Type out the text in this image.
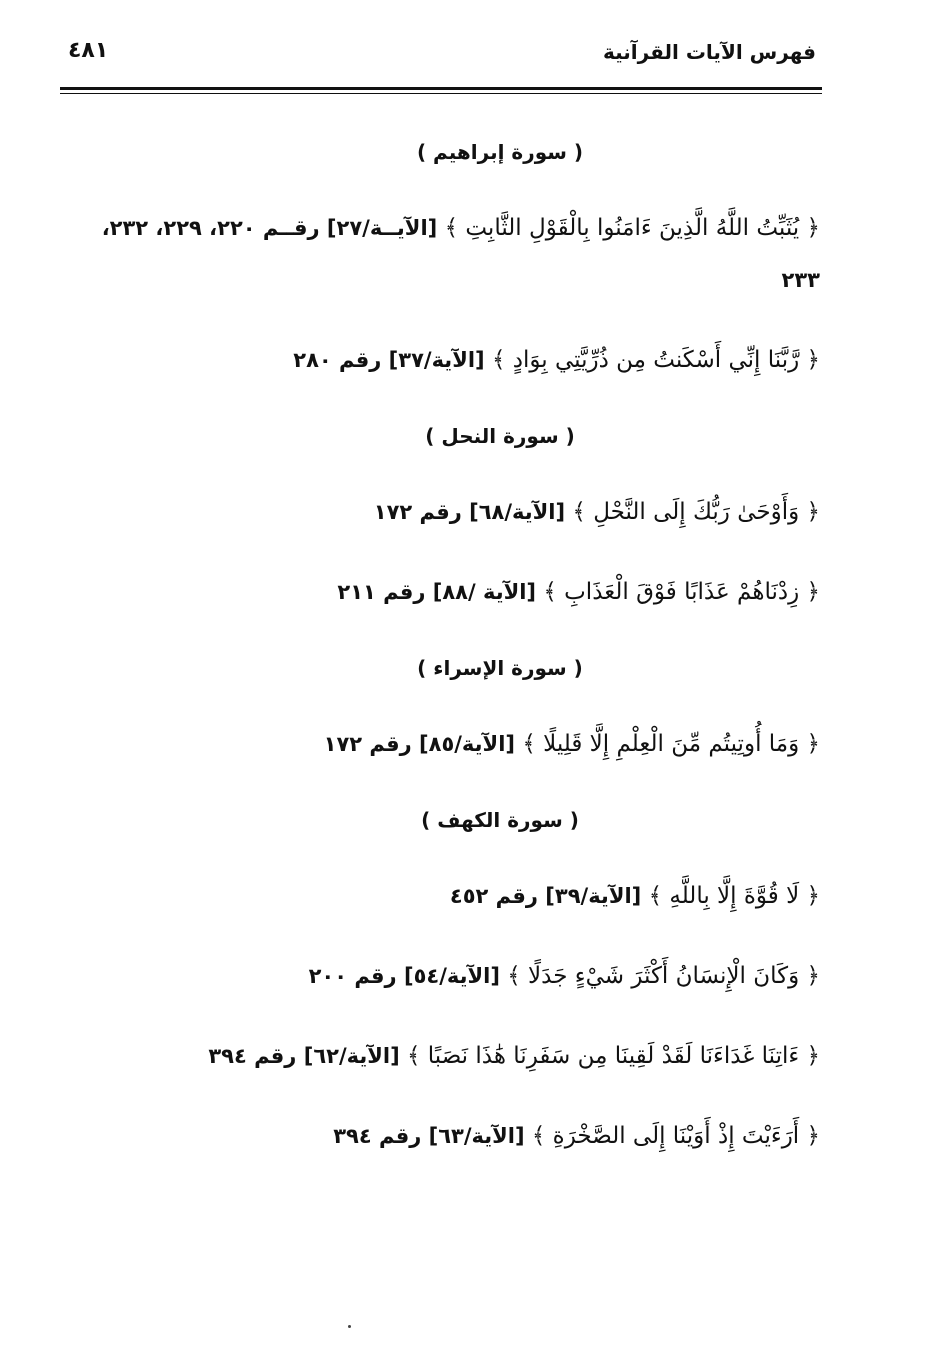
٤٨١	فهرس الآيات القرآنية
( سورة إبراهيم )

﴿ يُثَبِّتُ اللَّهُ الَّذِينَ ءَامَنُوا بِالْقَوْلِ الثَّابِتِ ﴾ [الآيــة/٢٧] رقــم ٢٢٠، ٢٢٩، ٢٣٢، ٢٣٣

﴿ رَّبَّنَا إِنِّي أَسْكَنتُ مِن ذُرِّيَّتِي بِوَادٍ ﴾ [الآية/٣٧] رقم ٢٨٠

( سورة النحل )

﴿ وَأَوْحَىٰ رَبُّكَ إِلَى النَّحْلِ ﴾ [الآية/٦٨] رقم ١٧٢

﴿ زِدْنَاهُمْ عَذَابًا فَوْقَ الْعَذَابِ ﴾ [الآية /٨٨] رقم ٢١١

( سورة الإسراء )

﴿ وَمَا أُوتِيتُم مِّنَ الْعِلْمِ إِلَّا قَلِيلًا ﴾ [الآية/٨٥] رقم ١٧٢

( سورة الكهف )

﴿ لَا قُوَّةَ إِلَّا بِاللَّهِ ﴾ [الآية/٣٩] رقم ٤٥٢

﴿ وَكَانَ الْإِنسَانُ أَكْثَرَ شَيْءٍ جَدَلًا ﴾ [الآية/٥٤] رقم ٢٠٠

﴿ ءَاتِنَا غَدَاءَنَا لَقَدْ لَقِينَا مِن سَفَرِنَا هَٰذَا نَصَبًا ﴾ [الآية/٦٢] رقم ٣٩٤

﴿ أَرَءَيْتَ إِذْ أَوَيْنَا إِلَى الصَّخْرَةِ ﴾ [الآية/٦٣] رقم ٣٩٤
